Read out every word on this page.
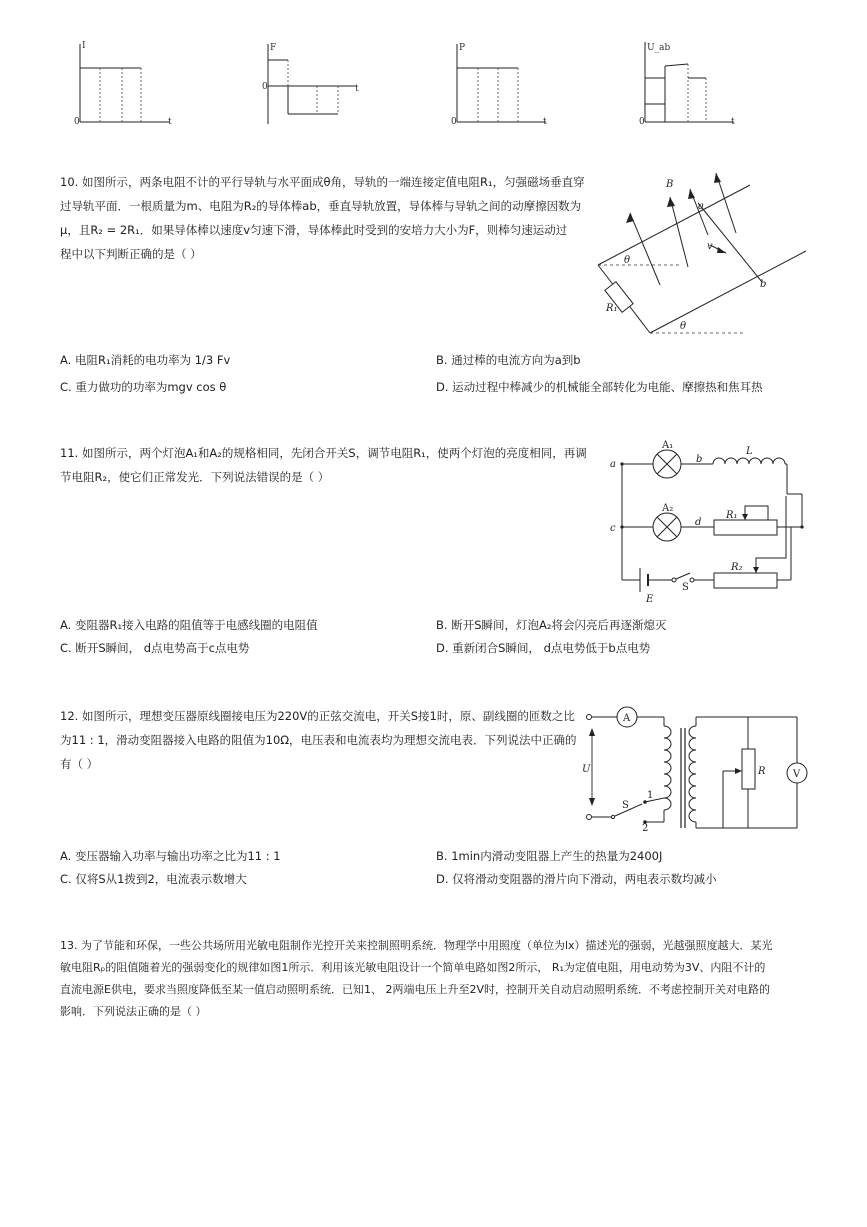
I
0	t
F
0	t
P
0	t
U_ab
0	t
10. 如图所示，两条电阻不计的平行导轨与水平面成θ角，导轨的一端连接定值电阻R₁，匀强磁场垂直穿
过导轨平面．一根质量为m、电阻为R₂的导体棒ab，垂直导轨放置，导体棒与导轨之间的动摩擦因数为
μ，且R₂ = 2R₁．如果导体棒以速度v匀速下滑，导体棒此时受到的安培力大小为F，则棒匀速运动过
程中以下判断正确的是（ ）
B
a
v
b
θ
θ
R₁
A. 电阻R₁消耗的电功率为 1/3 Fv	B. 通过棒的电流方向为a到b
C. 重力做功的功率为mgv cos θ	D. 运动过程中棒减少的机械能全部转化为电能、摩擦热和焦耳热
11. 如图所示，两个灯泡A₁和A₂的规格相同，先闭合开关S，调节电阻R₁，使两个灯泡的亮度相同，再调
节电阻R₂，使它们正常发光．下列说法错误的是（ ）
A₁
A₂
L
a	b
c
d
R₁
R₂
E
S
A. 变阻器R₁接入电路的阻值等于电感线圈的电阻值	B. 断开S瞬间，灯泡A₂将会闪亮后再逐渐熄灭
C. 断开S瞬间， d点电势高于c点电势	D. 重新闭合S瞬间， d点电势低于b点电势
12. 如图所示，理想变压器原线圈接电压为220V的正弦交流电，开关S接1时，原、副线圈的匝数之比
为11 : 1，滑动变阻器接入电路的阻值为10Ω，电压表和电流表均为理想交流电表．下列说法中正确的
有（ ）
A
V
U
S
1
2
R
A. 变压器输入功率与输出功率之比为11 : 1	B. 1min内滑动变阻器上产生的热量为2400J
C. 仅将S从1拨到2，电流表示数增大	D. 仅将滑动变阻器的滑片向下滑动，两电表示数均减小
13. 为了节能和环保，一些公共场所用光敏电阻制作光控开关来控制照明系统．物理学中用照度（单位为lx）描述光的强弱，光越强照度越大．某光
敏电阻Rₚ的阻值随着光的强弱变化的规律如图1所示．利用该光敏电阻设计一个简单电路如图2所示， R₁为定值电阻，用电动势为3V、内阻不计的
直流电源E供电，要求当照度降低至某一值启动照明系统．已知1、 2两端电压上升至2V时，控制开关自动启动照明系统．不考虑控制开关对电路的
影响．下列说法正确的是（ ）
